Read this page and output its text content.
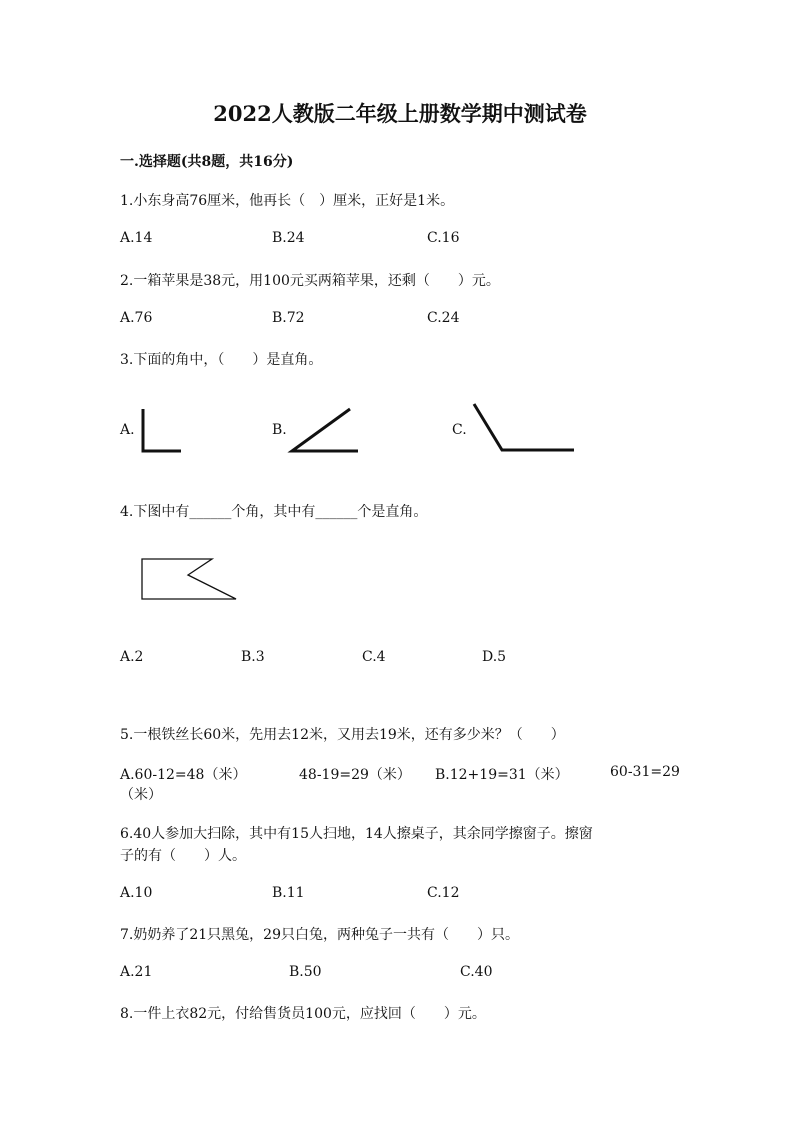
2022人教版二年级上册数学期中测试卷
一.选择题(共8题，共16分)
1.小东身高76厘米，他再长（　）厘米，正好是1米。
A.14	B.24	C.16
2.一箱苹果是38元，用100元买两箱苹果，还剩（　　）元。
A.76	B.72	C.24
3.下面的角中，（　　）是直角。
A.	B.	C.
4.下图中有______个角，其中有______个是直角。
A.2	B.3	C.4	D.5
5.一根铁丝长60米，先用去12米，又用去19米，还有多少米？（　　）
A.60-12=48（米）	48-19=29（米） B.12+19=31（米）	60-31=29
（米）
6.40人参加大扫除，其中有15人扫地，14人擦桌子，其余同学擦窗子。擦窗
子的有（　　）人。
A.10	B.11	C.12
7.奶奶养了21只黑兔，29只白兔，两种兔子一共有（　　）只。
A.21	B.50	C.40
8.一件上衣82元，付给售货员100元，应找回（　　）元。
